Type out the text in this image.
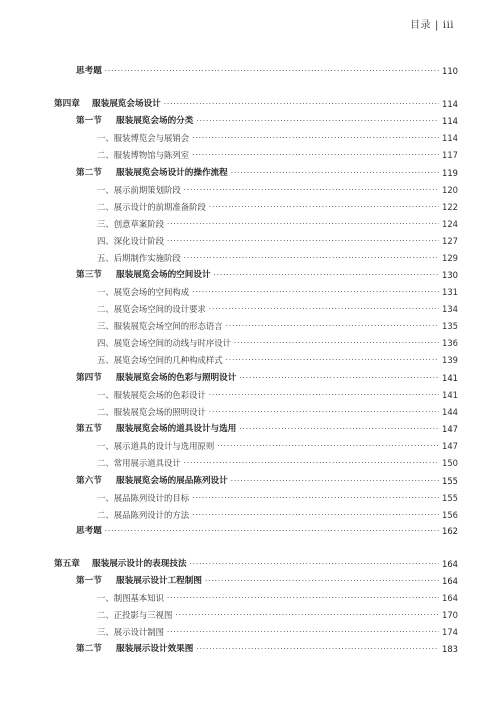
目录 | iii
思考题 ·····	110
第四章 服装展览会场设计 ·····	114
第一节 服装展览会场的分类 ·····	114
一、服装博览会与展销会 ·····	114
二、服装博物馆与陈列室 ·····	117
第二节 服装展览会场设计的操作流程 ·····	119
一、展示前期策划阶段 ·····	120
二、展示设计的前期准备阶段 ·····	122
三、创意草案阶段 ·····	124
四、深化设计阶段 ·····	127
五、后期制作实施阶段 ·····	129
第三节 服装展览会场的空间设计 ·····	130
一、展览会场的空间构成 ·····	131
二、展览会场空间的设计要求 ·····	134
三、服装展览会场空间的形态语言 ·····	135
四、展览会场空间的动线与时序设计 ·····	136
五、展览会场空间的几种构成样式 ·····	139
第四节 服装展览会场的色彩与照明设计 ·····	141
一、服装展览会场的色彩设计 ·····	141
二、服装展览会场的照明设计 ·····	144
第五节 服装展览会场的道具设计与选用 ·····	147
一、展示道具的设计与选用原则 ·····	147
二、常用展示道具设计 ·····	150
第六节 服装展览会场的展品陈列设计 ·····	155
一、展品陈列设计的目标 ·····	155
二、展品陈列设计的方法 ·····	156
思考题 ·····	162
第五章 服装展示设计的表现技法 ·····	164
第一节 服装展示设计工程制图 ·····	164
一、制图基本知识 ·····	164
二、正投影与三视图 ·····	170
三、展示设计制图 ·····	174
第二节 服装展示设计效果图 ·····	183
